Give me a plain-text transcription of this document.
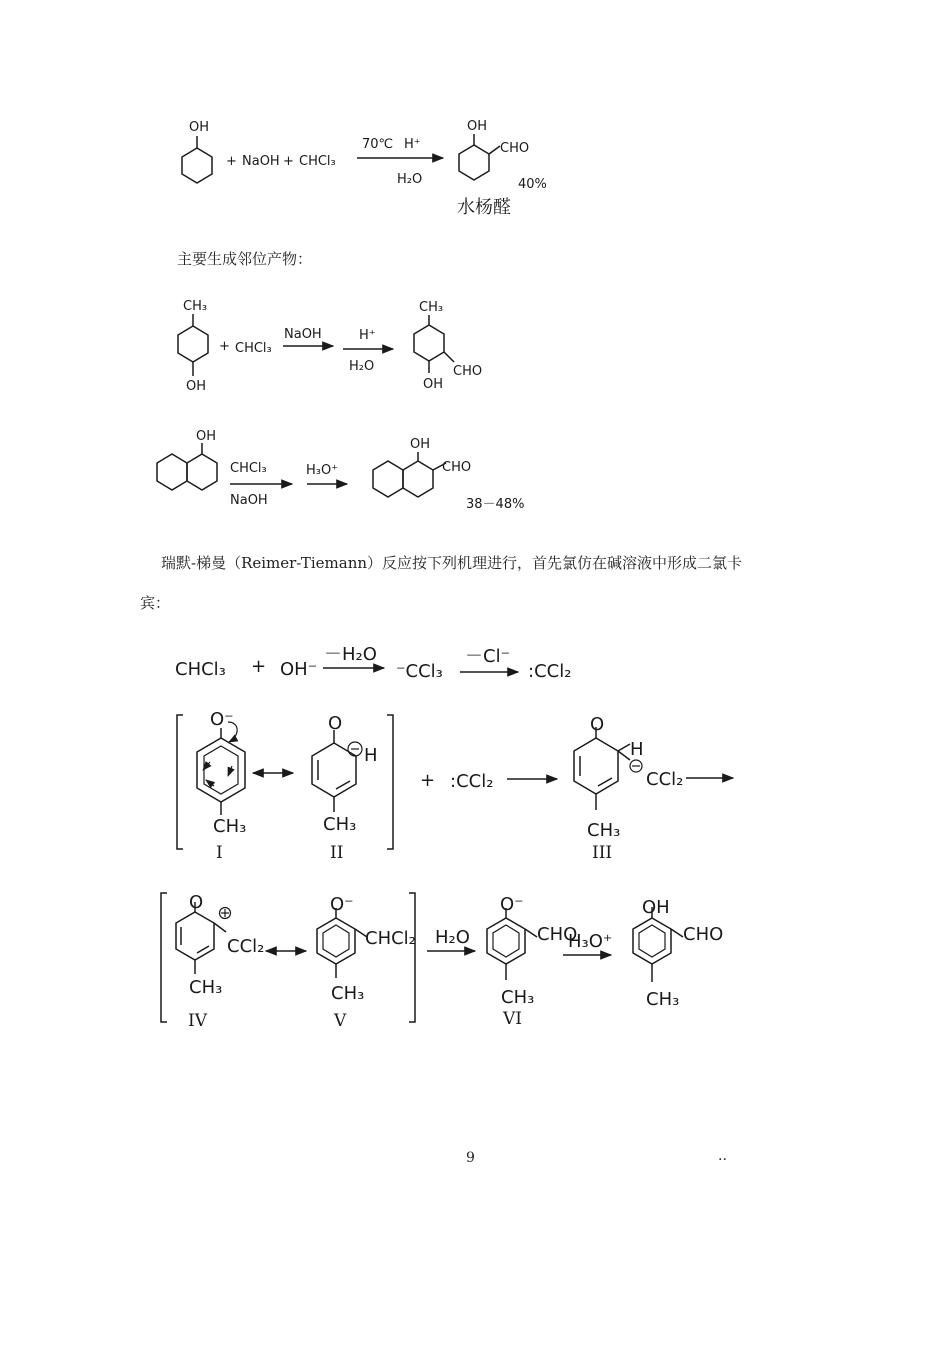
OH
+ NaOH + CHCl₃
70℃ H⁺
H₂O
OH
CHO
40%
水杨醛
CH₃
OH
+ CHCl₃
NaOH	H⁺
H₂O
CH₃
OH
CHO
OH
CHCl₃
NaOH
H₃O⁺
OH
CHO
38－48%
CHCl₃ + OH⁻
－H₂O
⁻CCl₃
－Cl⁻
:CCl₂
O⁻
CH₃
I
O
H
CH₃
II
+ :CCl₂
O
H
CCl₂
CH₃
III
O
CCl₂
CH₃
IV
O⁻
CHCl₂
CH₃
V
H₂O
O⁻
CHO
CH₃
VI
H₃O⁺
OH
CHO
CH₃
主要生成邻位产物：
瑞默-梯曼（Reimer-Tiemann）反应按下列机理进行，首先氯仿在碱溶液中形成二氯卡
宾：
9	..
